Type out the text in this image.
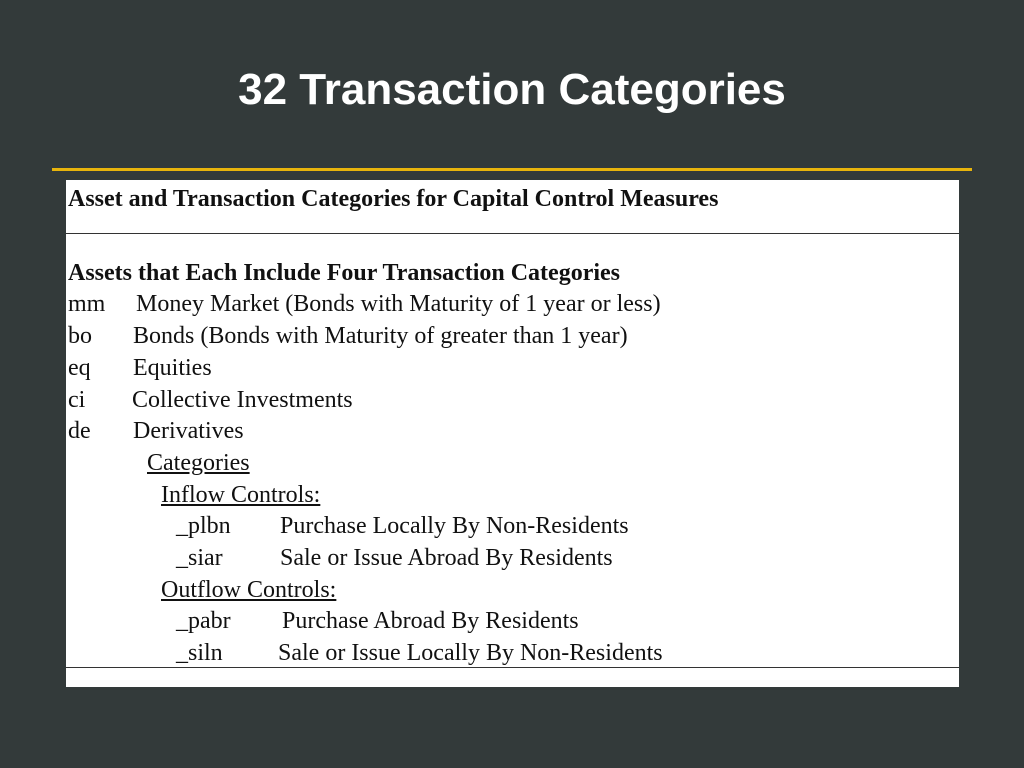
32 Transaction Categories
Asset and Transaction Categories for Capital Control Measures
Assets that Each Include Four Transaction Categories
mm Money Market (Bonds with Maturity of 1 year or less)
bo Bonds (Bonds with Maturity of greater than 1 year)
eq Equities
ci Collective Investments
de Derivatives
Categories
Inflow Controls:
_plbn Purchase Locally By Non-Residents
_siar Sale or Issue Abroad By Residents
Outflow Controls:
_pabr Purchase Abroad By Residents
_siln Sale or Issue Locally By Non-Residents
